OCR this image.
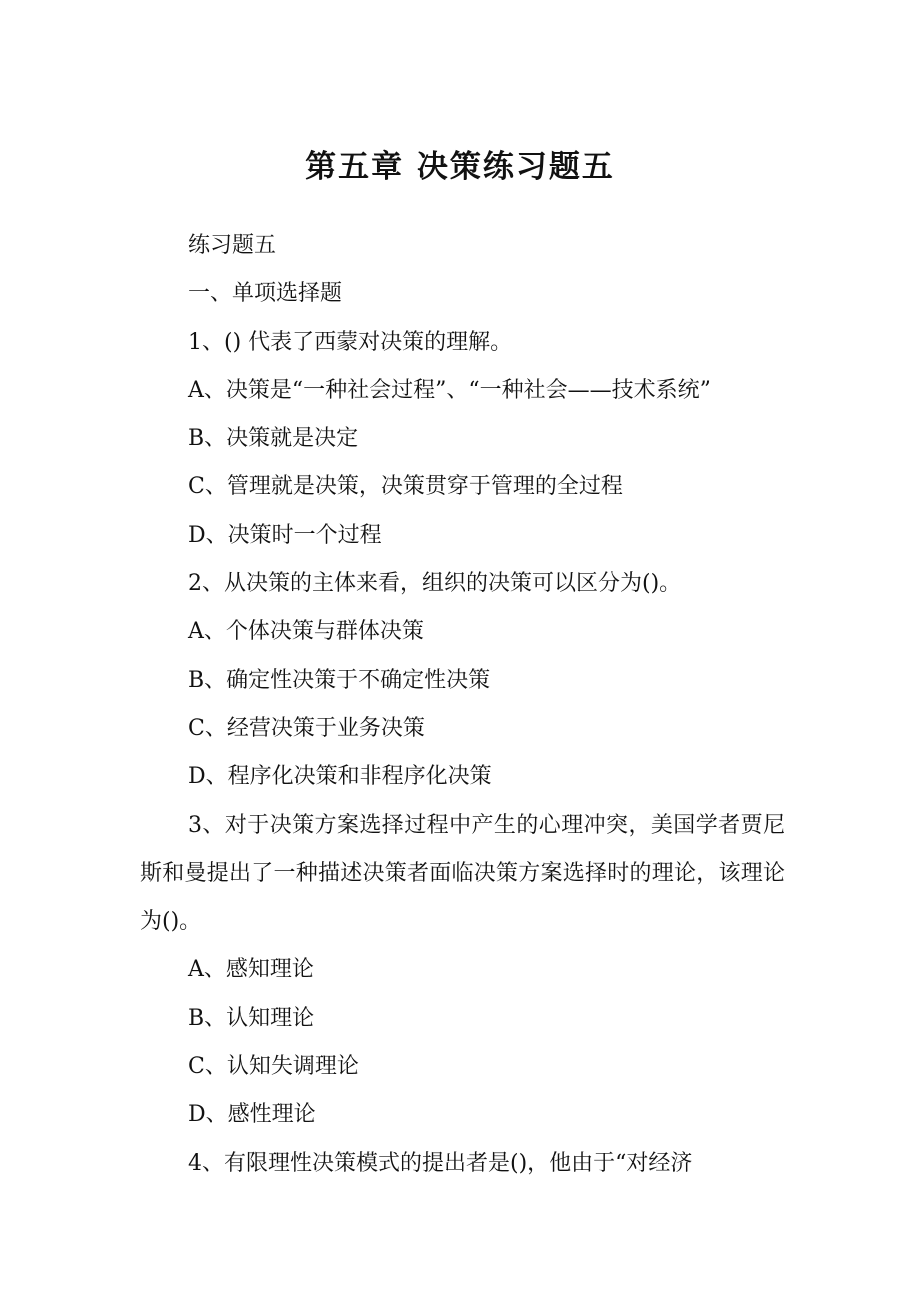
第五章 决策练习题五

练习题五

一、单项选择题

1、() 代表了西蒙对决策的理解。

A、决策是“一种社会过程”、“一种社会——技术系统”

B、决策就是决定

C、管理就是决策，决策贯穿于管理的全过程

D、决策时一个过程

2、从决策的主体来看，组织的决策可以区分为()。

A、个体决策与群体决策

B、确定性决策于不确定性决策

C、经营决策于业务决策

D、程序化决策和非程序化决策

3、对于决策方案选择过程中产生的心理冲突，美国学者贾尼斯和曼提出了一种描述决策者面临决策方案选择时的理论，该理论为()。

A、感知理论

B、认知理论

C、认知失调理论

D、感性理论

4、有限理性决策模式的提出者是()，他由于“对经济
